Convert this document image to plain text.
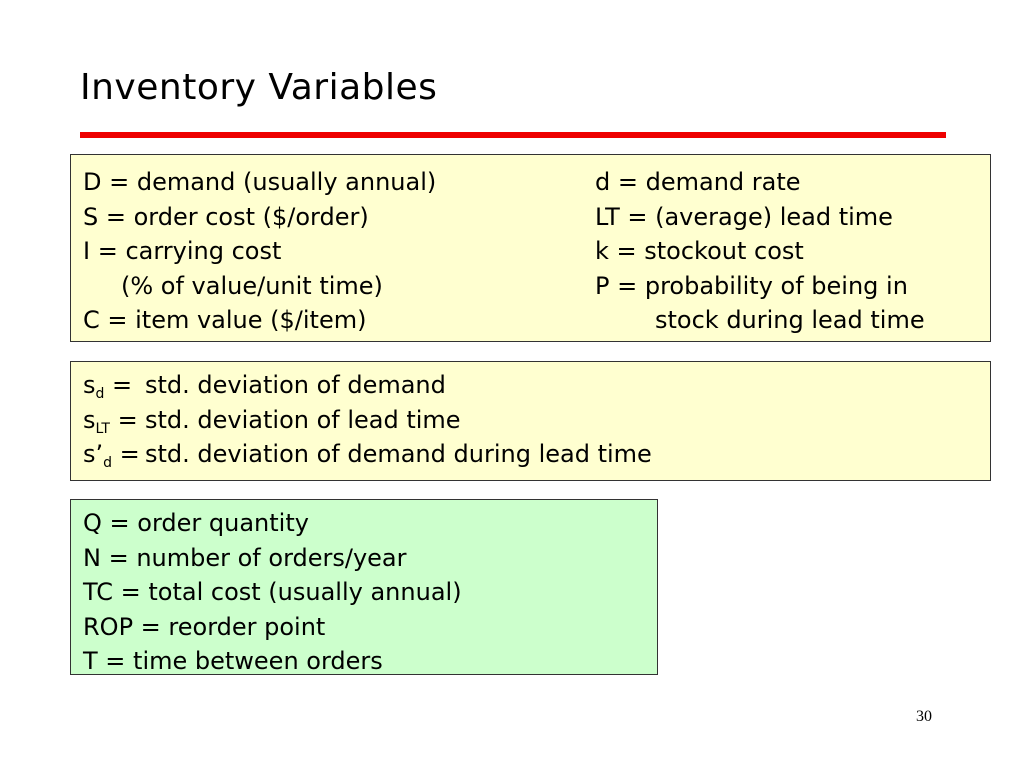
Inventory Variables
D = demand (usually annual)
S = order cost ($/order)
I = carrying cost
(% of value/unit time)
C = item value ($/item)
d = demand rate
LT = (average) lead time
k = stockout cost
P = probability of being in
stock during lead time
$s_d$ = std. deviation of demand
$s_{LT}$ = std. deviation of lead time
$s’_d$ = std. deviation of demand during lead time
Q = order quantity
N = number of orders/year
TC = total cost (usually annual)
ROP = reorder point
T = time between orders
30
